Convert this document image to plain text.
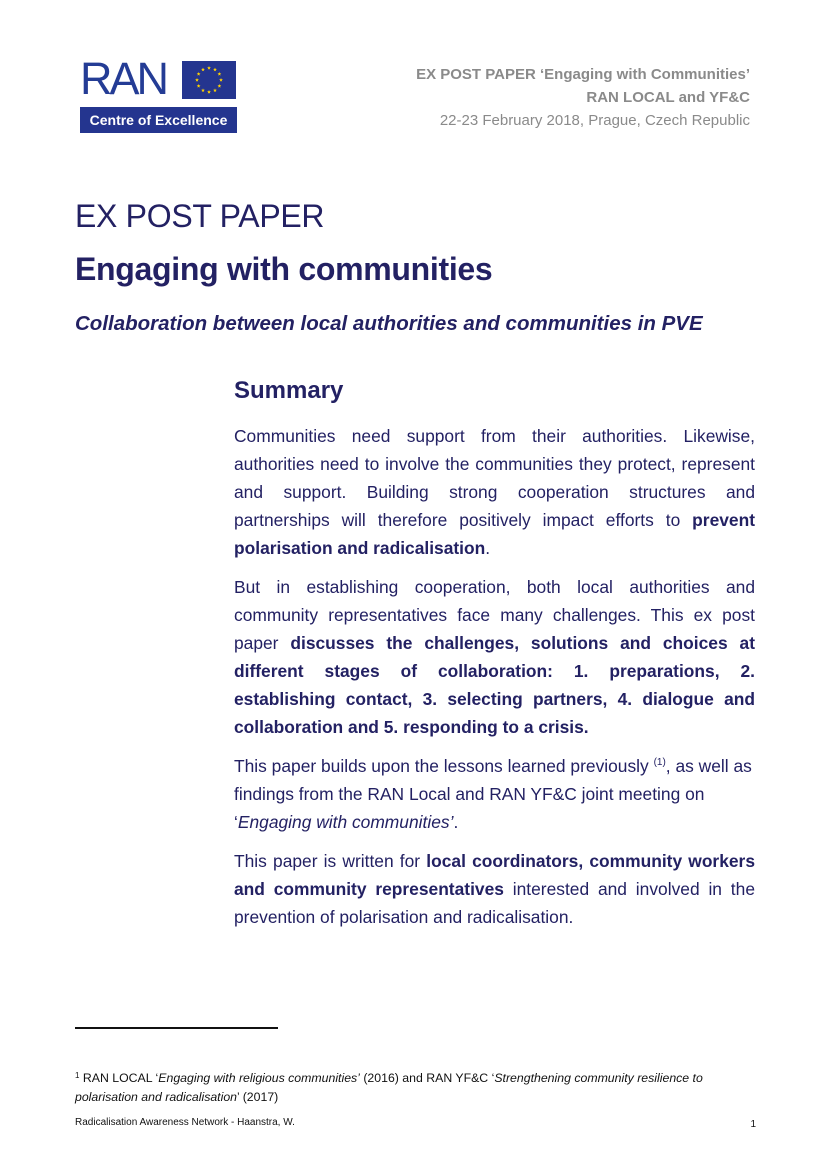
RAN
Centre of Excellence
EX POST PAPER ‘Engaging with Communities’
RAN LOCAL and YF&C
22-23 February 2018, Prague, Czech Republic
EX POST PAPER
Engaging with communities
Collaboration between local authorities and communities in PVE
Summary

Communities need support from their authorities. Likewise, authorities need to involve the communities they protect, represent and support. Building strong cooperation structures and partnerships will therefore positively impact efforts to prevent polarisation and radicalisation.

But in establishing cooperation, both local authorities and community representatives face many challenges. This ex post paper discusses the challenges, solutions and choices at different stages of collaboration: 1. preparations, 2. establishing contact, 3. selecting partners, 4. dialogue and collaboration and 5. responding to a crisis.

This paper builds upon the lessons learned previously $^{(1)}$, as well as findings from the RAN Local and RAN YF&C joint meeting on ‘Engaging with communities’.

This paper is written for local coordinators, community workers and community representatives interested and involved in the prevention of polarisation and radicalisation.

$^1$ RAN LOCAL ‘Engaging with religious communities’ (2016) and RAN YF&C ‘Strengthening community resilience to polarisation and radicalisation’ (2017)
Radicalisation Awareness Network - Haanstra, W.	1
